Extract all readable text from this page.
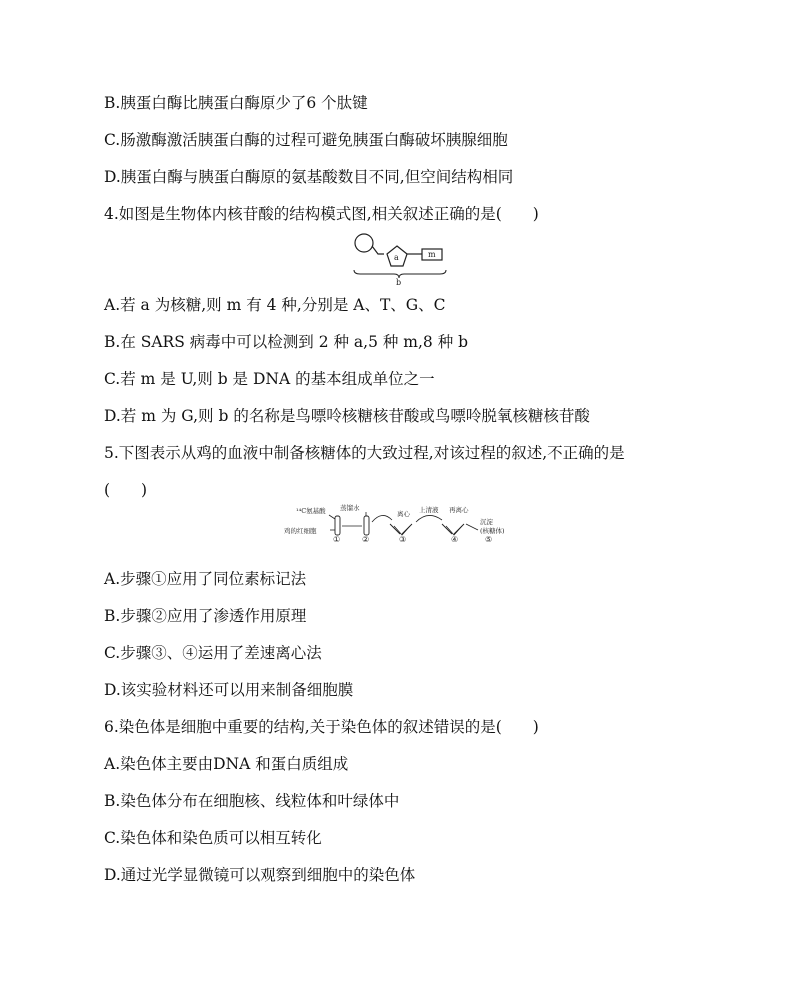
B.胰蛋白酶比胰蛋白酶原少了6 个肽键
C.肠激酶激活胰蛋白酶的过程可避免胰蛋白酶破坏胰腺细胞
D.胰蛋白酶与胰蛋白酶原的氨基酸数目不同,但空间结构相同
4.如图是生物体内核苷酸的结构模式图,相关叙述正确的是(　　)
a	m
b
A.若 a 为核糖,则 m 有 4 种,分别是 A、T、G、C
B.在 SARS 病毒中可以检测到 2 种 a,5 种 m,8 种 b
C.若 m 是 U,则 b 是 DNA 的基本组成单位之一
D.若 m 为 G,则 b 的名称是鸟嘌呤核糖核苷酸或鸟嘌呤脱氧核糖核苷酸
5.下图表示从鸡的血液中制备核糖体的大致过程,对该过程的叙述,不正确的是
(　　)
¹⁴C氨基酸 蒸馏水
鸡的红细胞
离心 上清液 再离心
沉淀
(核糖体)
①	②	③	④	⑤
A.步骤①应用了同位素标记法
B.步骤②应用了渗透作用原理
C.步骤③、④运用了差速离心法
D.该实验材料还可以用来制备细胞膜
6.染色体是细胞中重要的结构,关于染色体的叙述错误的是(　　)
A.染色体主要由DNA 和蛋白质组成
B.染色体分布在细胞核、线粒体和叶绿体中
C.染色体和染色质可以相互转化
D.通过光学显微镜可以观察到细胞中的染色体
